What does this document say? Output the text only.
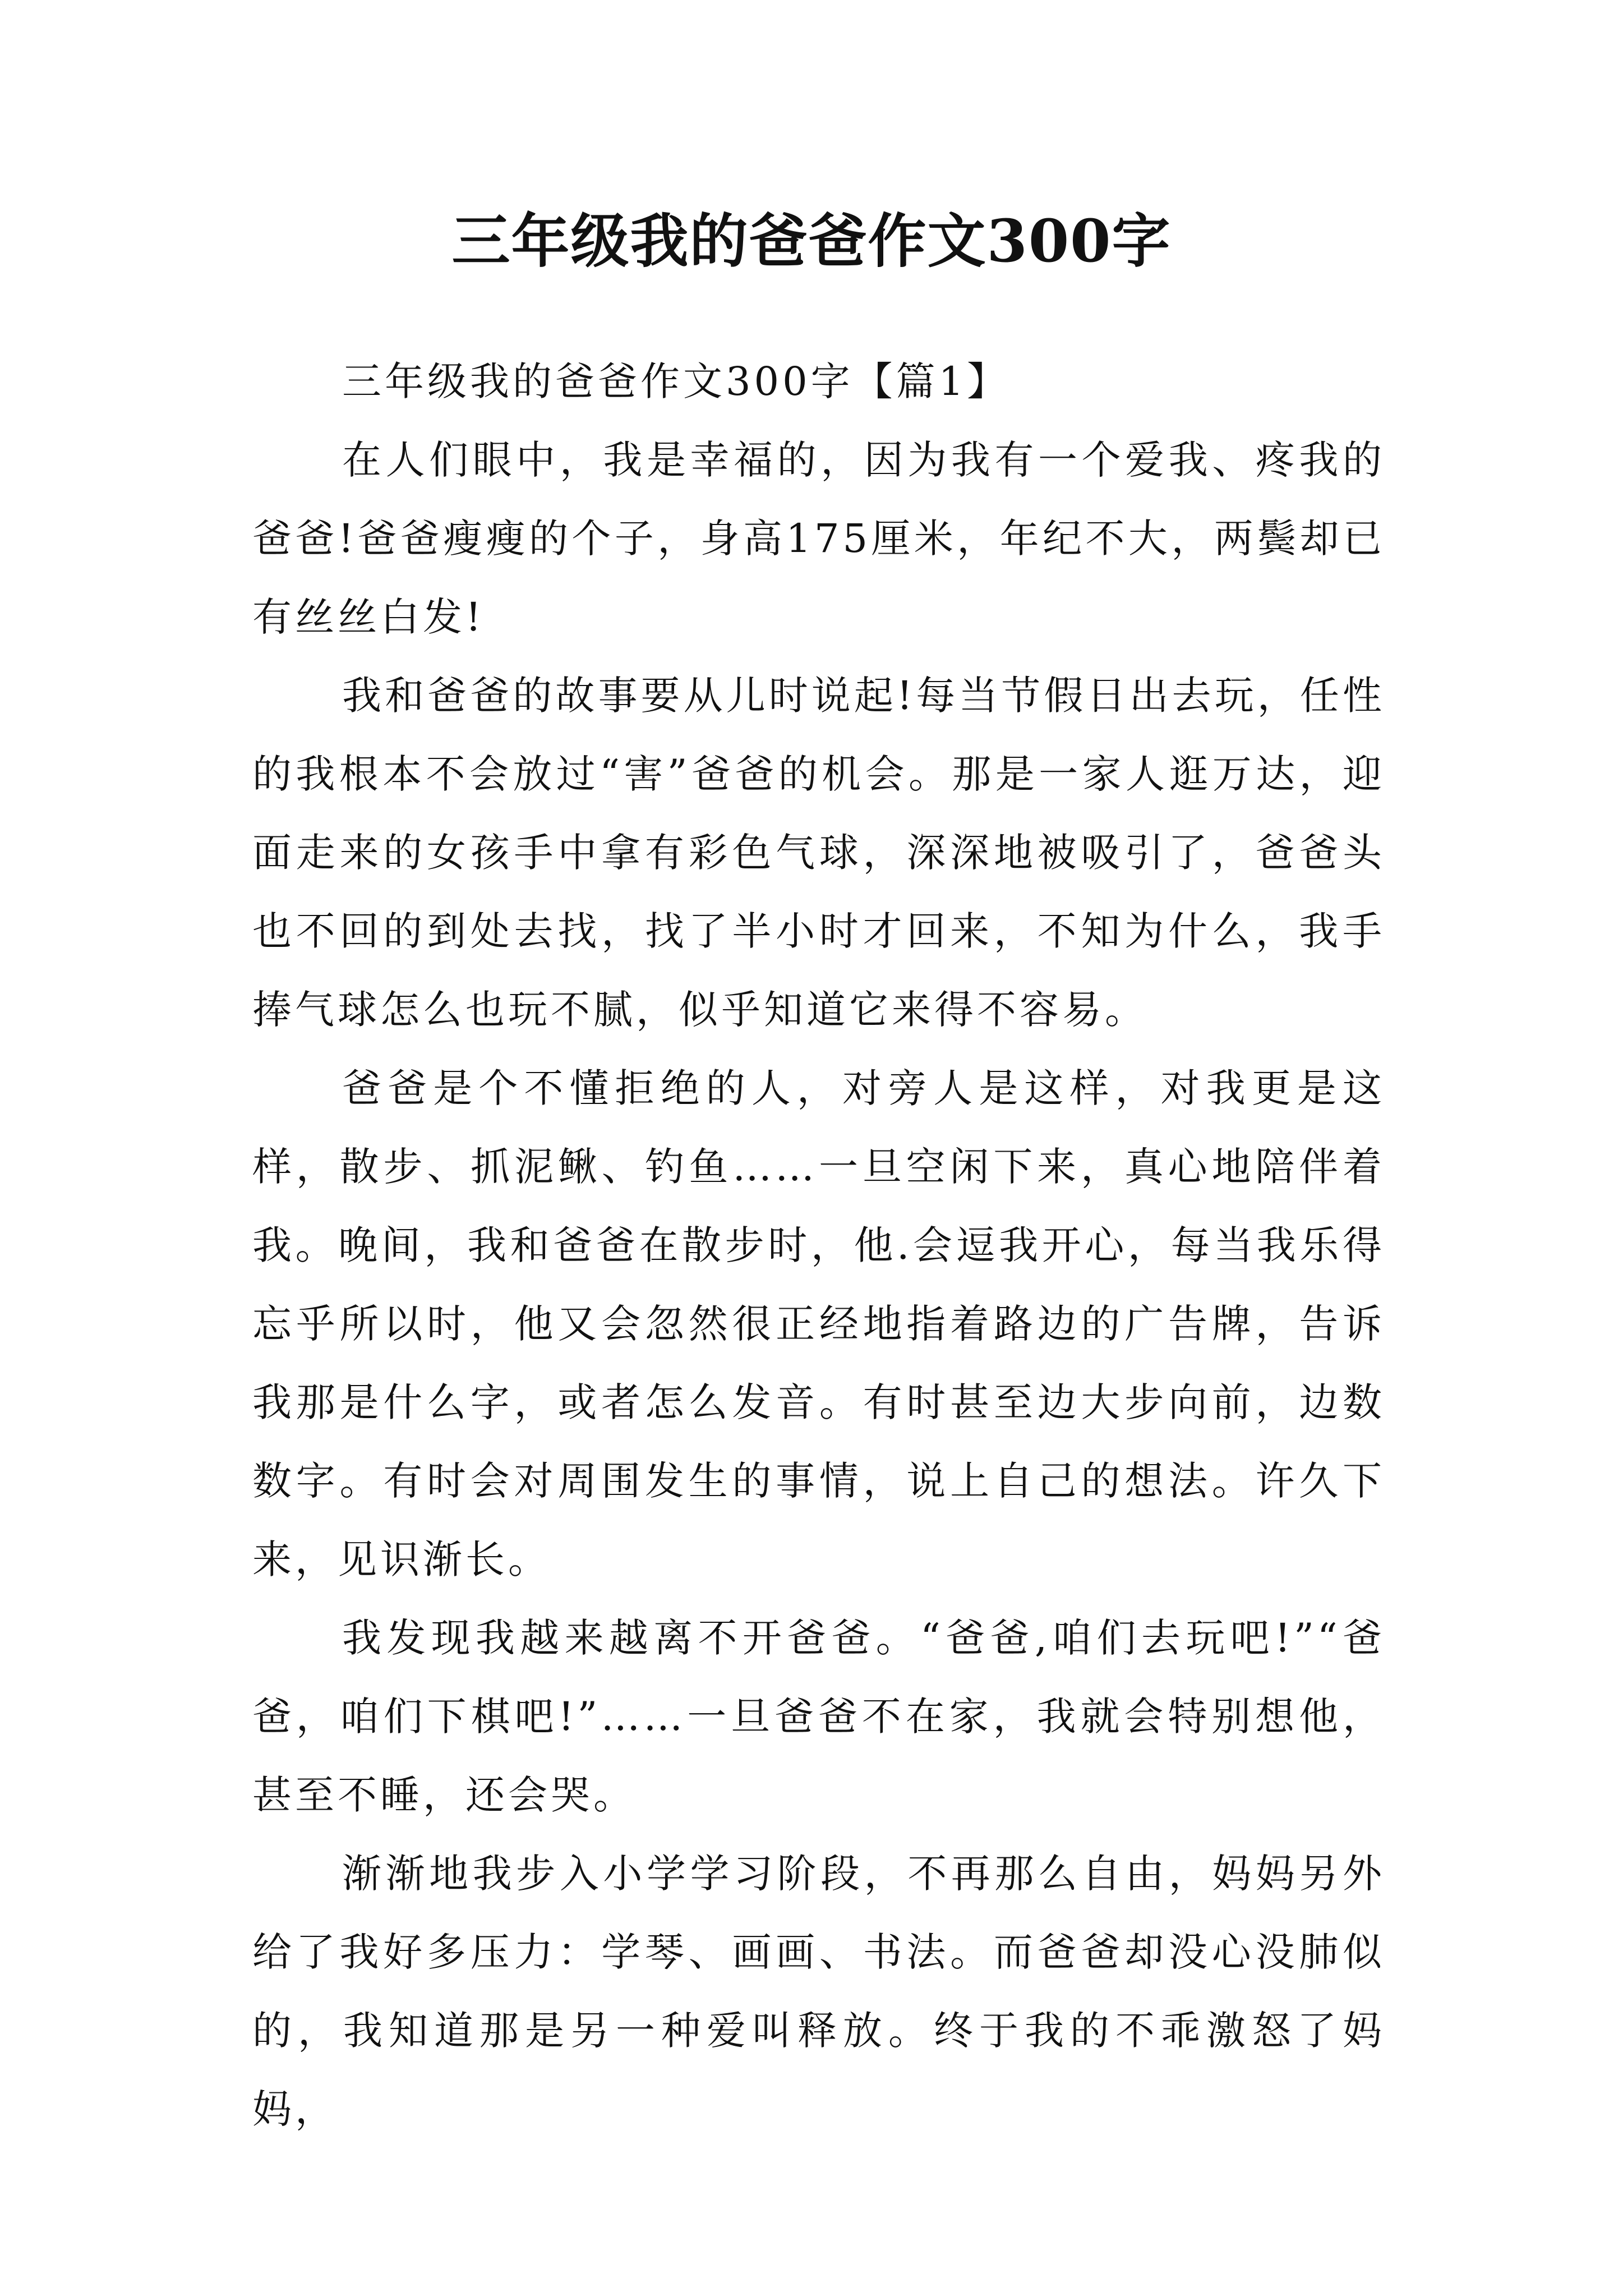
三年级我的爸爸作文300字

三年级我的爸爸作文300字【篇1】

在人们眼中，我是幸福的，因为我有一个爱我、疼我的爸爸!爸爸瘦瘦的个子，身高175厘米，年纪不大，两鬓却已有丝丝白发!

我和爸爸的故事要从儿时说起!每当节假日出去玩，任性的我根本不会放过“害”爸爸的机会。那是一家人逛万达，迎面走来的女孩手中拿有彩色气球，深深地被吸引了，爸爸头也不回的到处去找，找了半小时才回来，不知为什么，我手捧气球怎么也玩不腻，似乎知道它来得不容易。

爸爸是个不懂拒绝的人，对旁人是这样，对我更是这样，散步、抓泥鳅、钓鱼……一旦空闲下来，真心地陪伴着我。晚间，我和爸爸在散步时，他.会逗我开心，每当我乐得忘乎所以时，他又会忽然很正经地指着路边的广告牌，告诉我那是什么字，或者怎么发音。有时甚至边大步向前，边数数字。有时会对周围发生的事情，说上自己的想法。许久下来，见识渐长。

我发现我越来越离不开爸爸。“爸爸,咱们去玩吧!”“爸爸，咱们下棋吧!”……一旦爸爸不在家，我就会特别想他，甚至不睡，还会哭。

渐渐地我步入小学学习阶段，不再那么自由，妈妈另外给了我好多压力：学琴、画画、书法。而爸爸却没心没肺似的，我知道那是另一种爱叫释放。终于我的不乖激怒了妈妈，
